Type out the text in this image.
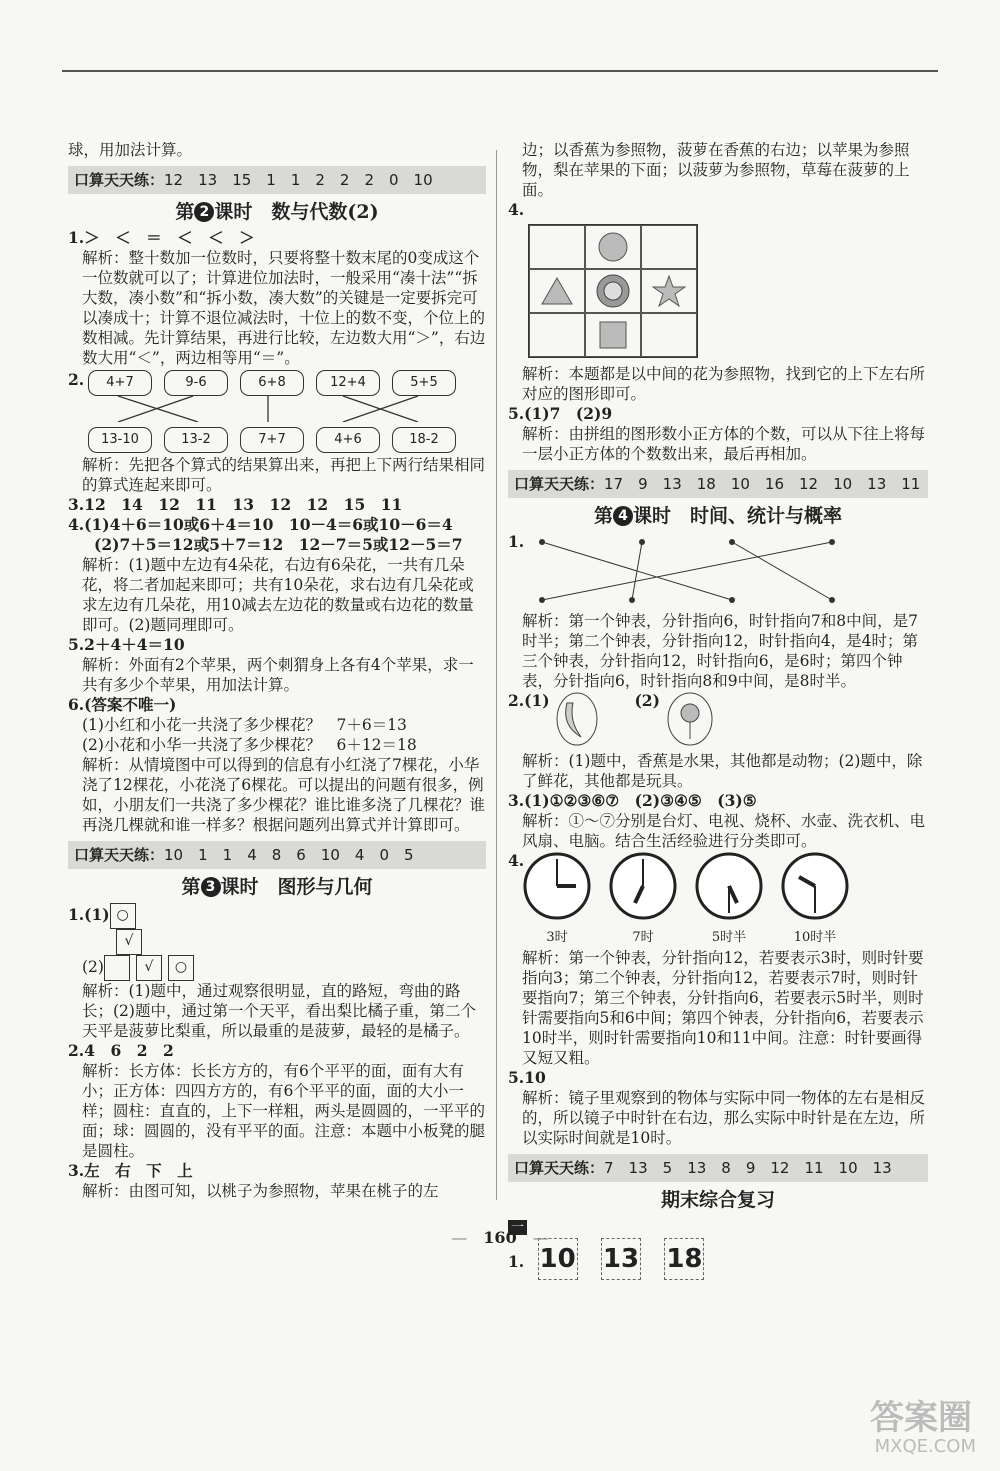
球，用加法计算。

口算天天练：12　13　15　1　1　2　2　2　0　10
第 2 课时　数与代数(2)

1.＞　＜　＝　＜　＜　＞

解析：整十数加一位数时，只要将整十数末尾的0变成这个一位数就可以了；计算进位加法时，一般采用“凑十法”“拆大数，凑小数”和“拆小数，凑大数”的关键是一定要拆完可以凑成十；计算不退位减法时，十位上的数不变，个位上的数相减。先计算结果，再进行比较，左边数大用“＞”，右边数大用“＜”，两边相等用“＝”。

2.	4+7	9-6	6+8	12+4	5+5
13-10	13-2	7+7	4+6	18-2

解析：先把各个算式的结果算出来，再把上下两行结果相同的算式连起来即可。

3.12　14　12　11　13　12　12　15　11

4.(1)4＋6＝10或6＋4＝10　10－4＝6或10－6＝4

(2)7＋5＝12或5＋7＝12　12－7＝5或12－5＝7

解析：(1)题中左边有4朵花，右边有6朵花，一共有几朵花，将二者加起来即可；共有10朵花，求右边有几朵花或求左边有几朵花，用10减去左边花的数量或右边花的数量即可。(2)题同理即可。

5.2＋4＋4＝10

解析：外面有2个苹果，两个刺猬身上各有4个苹果，求一共有多少个苹果，用加法计算。

6.(答案不唯一)

(1)小红和小花一共浇了多少棵花？　7＋6＝13

(2)小花和小华一共浇了多少棵花？　6＋12＝18

解析：从情境图中可以得到的信息有小红浇了7棵花，小华浇了12棵花，小花浇了6棵花。可以提出的问题有很多，例如，小朋友们一共浇了多少棵花？谁比谁多浇了几棵花？谁再浇几棵就和谁一样多？根据问题列出算式并计算即可。

口算天天练：10　1　1　4　8　6　10　4　0　5
第 3 课时　图形与几何

1.(1) ○

√

(2)	√ ○

解析：(1)题中，通过观察很明显，直的路短，弯曲的路长；(2)题中，通过第一个天平，看出梨比橘子重，第二个天平是菠萝比梨重，所以最重的是菠萝，最轻的是橘子。

2.4　6　2　2

解析：长方体：长长方方的，有6个平平的面，面有大有小；正方体：四四方方的，有6个平平的面，面的大小一样；圆柱：直直的，上下一样粗，两头是圆圆的，一平平的面；球：圆圆的，没有平平的面。注意：本题中小板凳的腿是圆柱。

3.左　右　下　上

解析：由图可知，以桃子为参照物，苹果在桃子的左

边；以香蕉为参照物，菠萝在香蕉的右边；以苹果为参照物，梨在苹果的下面；以菠萝为参照物，草莓在菠萝的上面。

4.

解析：本题都是以中间的花为参照物，找到它的上下左右所对应的图形即可。

5.(1)7　(2)9

解析：由拼组的图形数小正方体的个数，可以从下往上将每一层小正方体的个数数出来，最后再相加。

口算天天练：17　9　13　18　10　16　12　10　13　11
第 4 课时　时间、统计与概率

1.

解析：第一个钟表，分针指向6，时针指向7和8中间，是7时半；第二个钟表，分针指向12，时针指向4，是4时；第三个钟表，分针指向12，时针指向6，是6时；第四个钟表，分针指向6，时针指向8和9中间，是8时半。

2.(1)	(2)

解析：(1)题中，香蕉是水果，其他都是动物；(2)题中，除了鲜花，其他都是玩具。

3.(1)①②③⑥⑦　(2)③④⑤　(3)⑤

解析：①～⑦分别是台灯、电视、烧杯、水壶、洗衣机、电风扇、电脑。结合生活经验进行分类即可。

4.

3时	7时	5时半	10时半

解析：第一个钟表，分针指向12，若要表示3时，则时针要指向3；第二个钟表，分针指向12，若要表示7时，则时针要指向7；第三个钟表，分针指向6，若要表示5时半，则时针需要指向5和6中间；第四个钟表，分针指向6，若要表示10时半，则时针需要指向10和11中间。注意：时针要画得又短又粗。

5.10

解析：镜子里观察到的物体与实际中同一物体的左右是相反的，所以镜子中时针在右边，那么实际中时针是在左边，所以实际时间就是10时。

口算天天练：7　13　5　13　8　9　12　11　10　13
期末综合复习

一

1. 10 13 18

—　160　—
答案圈
MXQE.COM
